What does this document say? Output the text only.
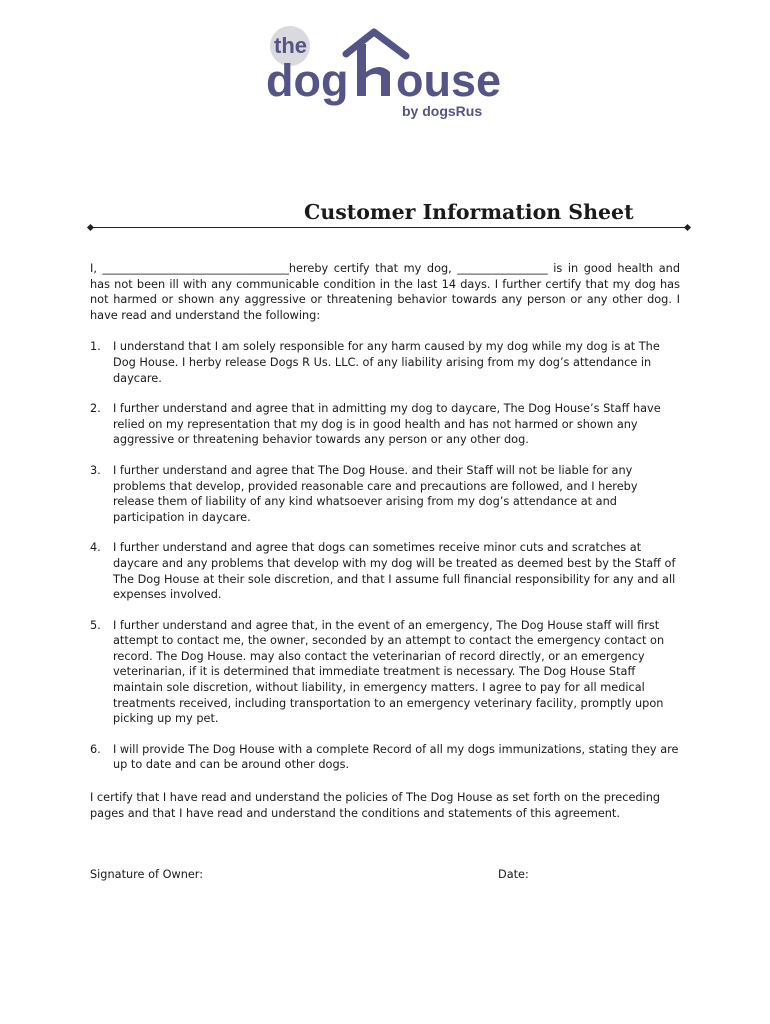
the
dog ouse
by dogsRus
Customer Information Sheet

I, _________________________________hereby certify that my dog, ________________ is in good health and has not been ill with any communicable condition in the last 14 days. I further certify that my dog has not harmed or shown any aggressive or threatening behavior towards any person or any other dog. I have read and understand the following:

1. I understand that I am solely responsible for any harm caused by my dog while my dog is at The Dog House. I herby release Dogs R Us. LLC. of any liability arising from my dog’s attendance in daycare.
2. I further understand and agree that in admitting my dog to daycare, The Dog House’s Staff have relied on my representation that my dog is in good health and has not harmed or shown any aggressive or threatening behavior towards any person or any other dog.
3. I further understand and agree that The Dog House. and their Staff will not be liable for any problems that develop, provided reasonable care and precautions are followed, and I hereby release them of liability of any kind whatsoever arising from my dog’s attendance at and participation in daycare.
4. I further understand and agree that dogs can sometimes receive minor cuts and scratches at daycare and any problems that develop with my dog will be treated as deemed best by the Staff of The Dog House at their sole discretion, and that I assume full financial responsibility for any and all expenses involved.
5. I further understand and agree that, in the event of an emergency, The Dog House staff will first attempt to contact me, the owner, seconded by an attempt to contact the emergency contact on record. The Dog House. may also contact the veterinarian of record directly, or an emergency veterinarian, if it is determined that immediate treatment is necessary. The Dog House Staff maintain sole discretion, without liability, in emergency matters. I agree to pay for all medical treatments received, including transportation to an emergency veterinary facility, promptly upon picking up my pet.
6. I will provide The Dog House with a complete Record of all my dogs immunizations, stating they are up to date and can be around other dogs.

I certify that I have read and understand the policies of The Dog House as set forth on the preceding pages and that I have read and understand the conditions and statements of this agreement.

Signature of Owner:	Date:
